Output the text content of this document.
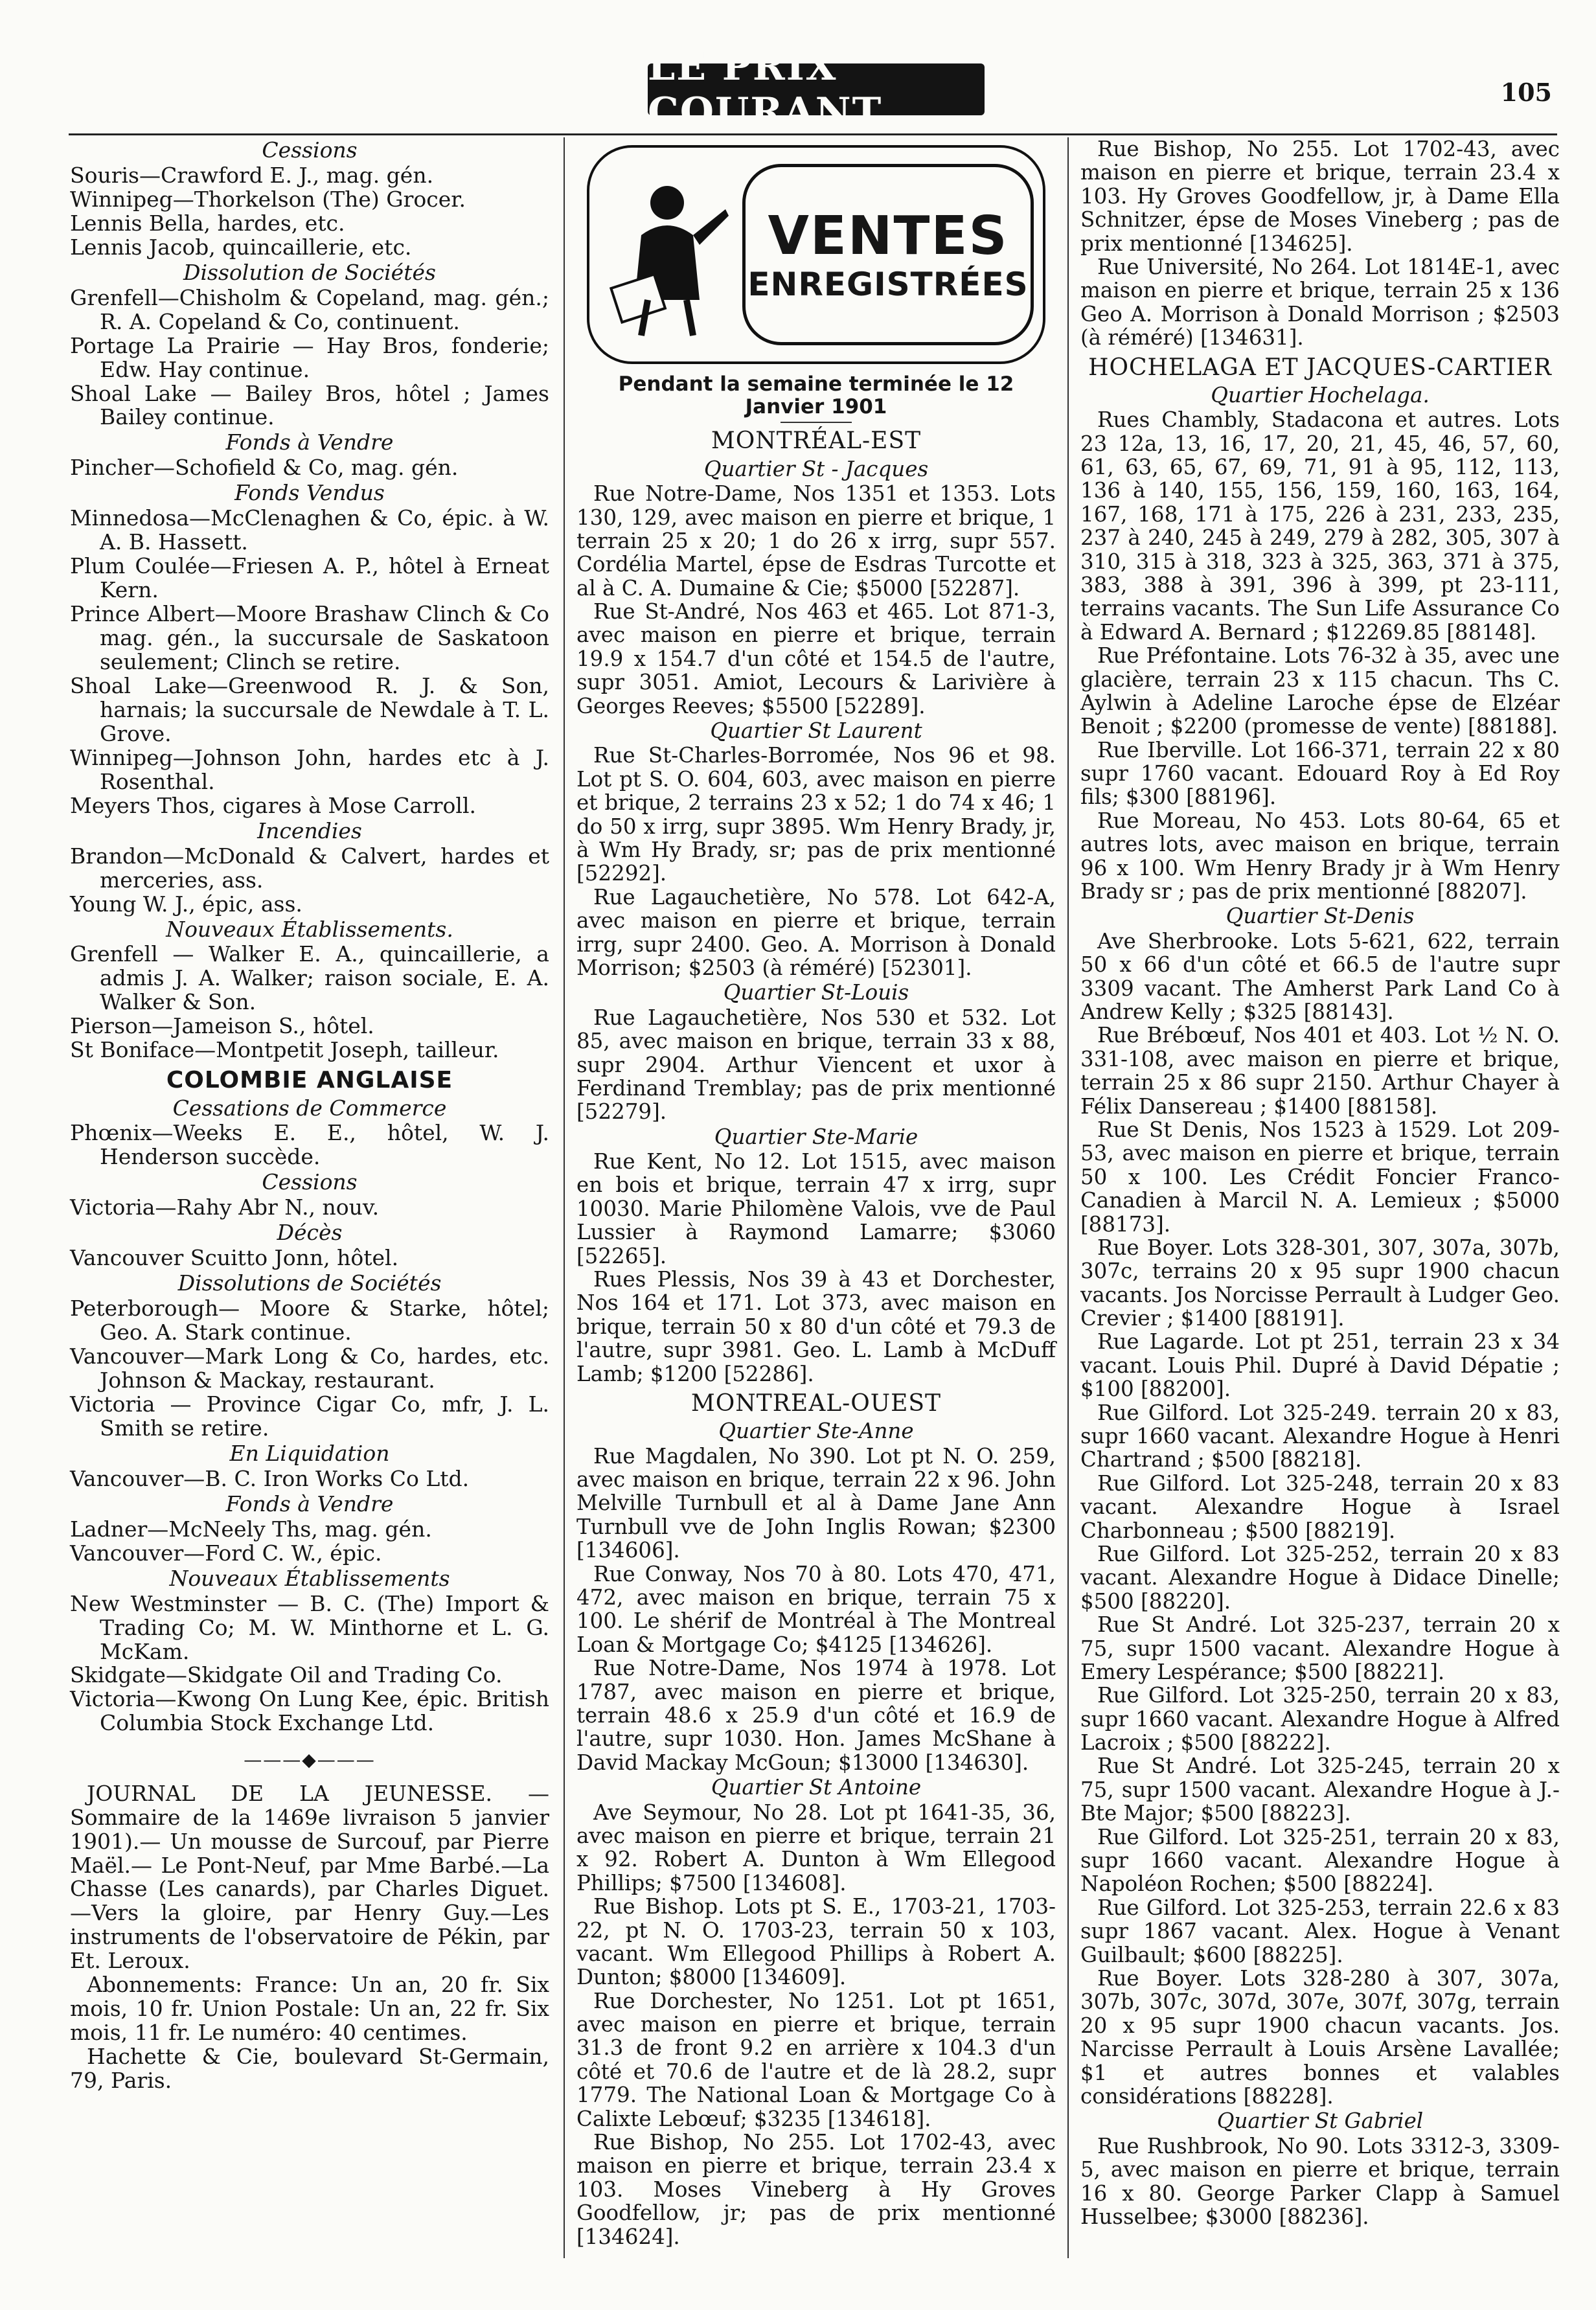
LE PRIX COURANT	105
Cessions

Souris—Crawford E. J., mag. gén.

Winnipeg—Thorkelson (The) Grocer.

Lennis Bella, hardes, etc.

Lennis Jacob, quincaillerie, etc.

Dissolution de Sociétés

Grenfell—Chisholm & Copeland, mag. gén.; R. A. Copeland & Co, continuent.

Portage La Prairie — Hay Bros, fonderie; Edw. Hay continue.

Shoal Lake — Bailey Bros, hôtel ; James Bailey continue.

Fonds à Vendre

Pincher—Schofield & Co, mag. gén.

Fonds Vendus

Minnedosa—McClenaghen & Co, épic. à W. A. B. Hassett.

Plum Coulée—Friesen A. P., hôtel à Erneat Kern.

Prince Albert—Moore Brashaw Clinch & Co mag. gén., la succursale de Saskatoon seulement; Clinch se retire.

Shoal Lake—Greenwood R. J. & Son, harnais; la succursale de Newdale à T. L. Grove.

Winnipeg—Johnson John, hardes etc à J. Rosenthal.

Meyers Thos, cigares à Mose Carroll.

Incendies

Brandon—McDonald & Calvert, hardes et merceries, ass.

Young W. J., épic, ass.

Nouveaux Établissements.

Grenfell — Walker E. A., quincaillerie, a admis J. A. Walker; raison sociale, E. A. Walker & Son.

Pierson—Jameison S., hôtel.

St Boniface—Montpetit Joseph, tailleur.

COLOMBIE ANGLAISE
Cessations de Commerce

Phœnix—Weeks E. E., hôtel, W. J. Henderson succède.

Cessions

Victoria—Rahy Abr N., nouv.

Décès

Vancouver Scuitto Jonn, hôtel.

Dissolutions de Sociétés

Peterborough— Moore & Starke, hôtel; Geo. A. Stark continue.

Vancouver—Mark Long & Co, hardes, etc. Johnson & Mackay, restaurant.

Victoria — Province Cigar Co, mfr, J. L. Smith se retire.

En Liquidation

Vancouver—B. C. Iron Works Co Ltd.

Fonds à Vendre

Ladner—McNeely Ths, mag. gén.

Vancouver—Ford C. W., épic.

Nouveaux Établissements

New Westminster — B. C. (The) Import & Trading Co; M. W. Minthorne et L. G. McKam.

Skidgate—Skidgate Oil and Trading Co.

Victoria—Kwong On Lung Kee, épic. British Columbia Stock Exchange Ltd.

———◆———

JOURNAL DE LA JEUNESSE. — Sommaire de la 1469e livraison 5 janvier 1901).— Un mousse de Surcouf, par Pierre Maël.— Le Pont-Neuf, par Mme Barbé.—La Chasse (Les canards), par Charles Diguet.—Vers la gloire, par Henry Guy.—Les instruments de l'observatoire de Pékin, par Et. Leroux.

Abonnements: France: Un an, 20 fr. Six mois, 10 fr. Union Postale: Un an, 22 fr. Six mois, 11 fr. Le numéro: 40 centimes.

Hachette & Cie, boulevard St-Germain, 79, Paris.

VENTES
ENREGISTRÉES
Pendant la semaine terminée le 12 Janvier 1901
MONTRÉAL-EST
Quartier St - Jacques

Rue Notre-Dame, Nos 1351 et 1353. Lots 130, 129, avec maison en pierre et brique, 1 terrain 25 x 20; 1 do 26 x irrg, supr 557. Cordélia Martel, épse de Esdras Turcotte et al à C. A. Dumaine & Cie; $5000 [52287].

Rue St-André, Nos 463 et 465. Lot 871-3, avec maison en pierre et brique, terrain 19.9 x 154.7 d'un côté et 154.5 de l'autre, supr 3051. Amiot, Lecours & Larivière à Georges Reeves; $5500 [52289].

Quartier St Laurent

Rue St-Charles-Borromée, Nos 96 et 98. Lot pt S. O. 604, 603, avec maison en pierre et brique, 2 terrains 23 x 52; 1 do 74 x 46; 1 do 50 x irrg, supr 3895. Wm Henry Brady, jr, à Wm Hy Brady, sr; pas de prix mentionné [52292].

Rue Lagauchetière, No 578. Lot 642-A, avec maison en pierre et brique, terrain irrg, supr 2400. Geo. A. Morrison à Donald Morrison; $2503 (à réméré) [52301].

Quartier St-Louis

Rue Lagauchetière, Nos 530 et 532. Lot 85, avec maison en brique, terrain 33 x 88, supr 2904. Arthur Viencent et uxor à Ferdinand Tremblay; pas de prix mentionné [52279].

Quartier Ste-Marie

Rue Kent, No 12. Lot 1515, avec maison en bois et brique, terrain 47 x irrg, supr 10030. Marie Philomène Valois, vve de Paul Lussier à Raymond Lamarre; $3060 [52265].

Rues Plessis, Nos 39 à 43 et Dorchester, Nos 164 et 171. Lot 373, avec maison en brique, terrain 50 x 80 d'un côté et 79.3 de l'autre, supr 3981. Geo. L. Lamb à McDuff Lamb; $1200 [52286].

MONTREAL-OUEST
Quartier Ste-Anne

Rue Magdalen, No 390. Lot pt N. O. 259, avec maison en brique, terrain 22 x 96. John Melville Turnbull et al à Dame Jane Ann Turnbull vve de John Inglis Rowan; $2300 [134606].

Rue Conway, Nos 70 à 80. Lots 470, 471, 472, avec maison en brique, terrain 75 x 100. Le shérif de Montréal à The Montreal Loan & Mortgage Co; $4125 [134626].

Rue Notre-Dame, Nos 1974 à 1978. Lot 1787, avec maison en pierre et brique, terrain 48.6 x 25.9 d'un côté et 16.9 de l'autre, supr 1030. Hon. James McShane à David Mackay McGoun; $13000 [134630].

Quartier St Antoine

Ave Seymour, No 28. Lot pt 1641-35, 36, avec maison en pierre et brique, terrain 21 x 92. Robert A. Dunton à Wm Ellegood Phillips; $7500 [134608].

Rue Bishop. Lots pt S. E., 1703-21, 1703-22, pt N. O. 1703-23, terrain 50 x 103, vacant. Wm Ellegood Phillips à Robert A. Dunton; $8000 [134609].

Rue Dorchester, No 1251. Lot pt 1651, avec maison en pierre et brique, terrain 31.3 de front 9.2 en arrière x 104.3 d'un côté et 70.6 de l'autre et de là 28.2, supr 1779. The National Loan & Mortgage Co à Calixte Lebœuf; $3235 [134618].

Rue Bishop, No 255. Lot 1702-43, avec maison en pierre et brique, terrain 23.4 x 103. Moses Vineberg à Hy Groves Goodfellow, jr; pas de prix mentionné [134624].

Rue Bishop, No 255. Lot 1702-43, avec maison en pierre et brique, terrain 23.4 x 103. Hy Groves Goodfellow, jr, à Dame Ella Schnitzer, épse de Moses Vineberg ; pas de prix mentionné [134625].

Rue Université, No 264. Lot 1814E-1, avec maison en pierre et brique, terrain 25 x 136 Geo A. Morrison à Donald Morrison ; $2503 (à réméré) [134631].

HOCHELAGA ET JACQUES-CARTIER
Quartier Hochelaga.

Rues Chambly, Stadacona et autres. Lots 23 12a, 13, 16, 17, 20, 21, 45, 46, 57, 60, 61, 63, 65, 67, 69, 71, 91 à 95, 112, 113, 136 à 140, 155, 156, 159, 160, 163, 164, 167, 168, 171 à 175, 226 à 231, 233, 235, 237 à 240, 245 à 249, 279 à 282, 305, 307 à 310, 315 à 318, 323 à 325, 363, 371 à 375, 383, 388 à 391, 396 à 399, pt 23-111, terrains vacants. The Sun Life Assurance Co à Edward A. Bernard ; $12269.85 [88148].

Rue Préfontaine. Lots 76-32 à 35, avec une glacière, terrain 23 x 115 chacun. Ths C. Aylwin à Adeline Laroche épse de Elzéar Benoit ; $2200 (promesse de vente) [88188].

Rue Iberville. Lot 166-371, terrain 22 x 80 supr 1760 vacant. Edouard Roy à Ed Roy fils; $300 [88196].

Rue Moreau, No 453. Lots 80-64, 65 et autres lots, avec maison en brique, terrain 96 x 100. Wm Henry Brady jr à Wm Henry Brady sr ; pas de prix mentionné [88207].

Quartier St-Denis

Ave Sherbrooke. Lots 5-621, 622, terrain 50 x 66 d'un côté et 66.5 de l'autre supr 3309 vacant. The Amherst Park Land Co à Andrew Kelly ; $325 [88143].

Rue Brébœuf, Nos 401 et 403. Lot ½ N. O. 331-108, avec maison en pierre et brique, terrain 25 x 86 supr 2150. Arthur Chayer à Félix Dansereau ; $1400 [88158].

Rue St Denis, Nos 1523 à 1529. Lot 209-53, avec maison en pierre et brique, terrain 50 x 100. Les Crédit Foncier Franco-Canadien à Marcil N. A. Lemieux ; $5000 [88173].

Rue Boyer. Lots 328-301, 307, 307a, 307b, 307c, terrains 20 x 95 supr 1900 chacun vacants. Jos Norcisse Perrault à Ludger Geo. Crevier ; $1400 [88191].

Rue Lagarde. Lot pt 251, terrain 23 x 34 vacant. Louis Phil. Dupré à David Dépatie ; $100 [88200].

Rue Gilford. Lot 325-249. terrain 20 x 83, supr 1660 vacant. Alexandre Hogue à Henri Chartrand ; $500 [88218].

Rue Gilford. Lot 325-248, terrain 20 x 83 vacant. Alexandre Hogue à Israel Charbonneau ; $500 [88219].

Rue Gilford. Lot 325-252, terrain 20 x 83 vacant. Alexandre Hogue à Didace Dinelle; $500 [88220].

Rue St André. Lot 325-237, terrain 20 x 75, supr 1500 vacant. Alexandre Hogue à Emery Lespérance; $500 [88221].

Rue Gilford. Lot 325-250, terrain 20 x 83, supr 1660 vacant. Alexandre Hogue à Alfred Lacroix ; $500 [88222].

Rue St André. Lot 325-245, terrain 20 x 75, supr 1500 vacant. Alexandre Hogue à J.-Bte Major; $500 [88223].

Rue Gilford. Lot 325-251, terrain 20 x 83, supr 1660 vacant. Alexandre Hogue à Napoléon Rochen; $500 [88224].

Rue Gilford. Lot 325-253, terrain 22.6 x 83 supr 1867 vacant. Alex. Hogue à Venant Guilbault; $600 [88225].

Rue Boyer. Lots 328-280 à 307, 307a, 307b, 307c, 307d, 307e, 307f, 307g, terrain 20 x 95 supr 1900 chacun vacants. Jos. Narcisse Perrault à Louis Arsène Lavallée; $1 et autres bonnes et valables considérations [88228].

Quartier St Gabriel

Rue Rushbrook, No 90. Lots 3312-3, 3309-5, avec maison en pierre et brique, terrain 16 x 80. George Parker Clapp à Samuel Husselbee; $3000 [88236].
